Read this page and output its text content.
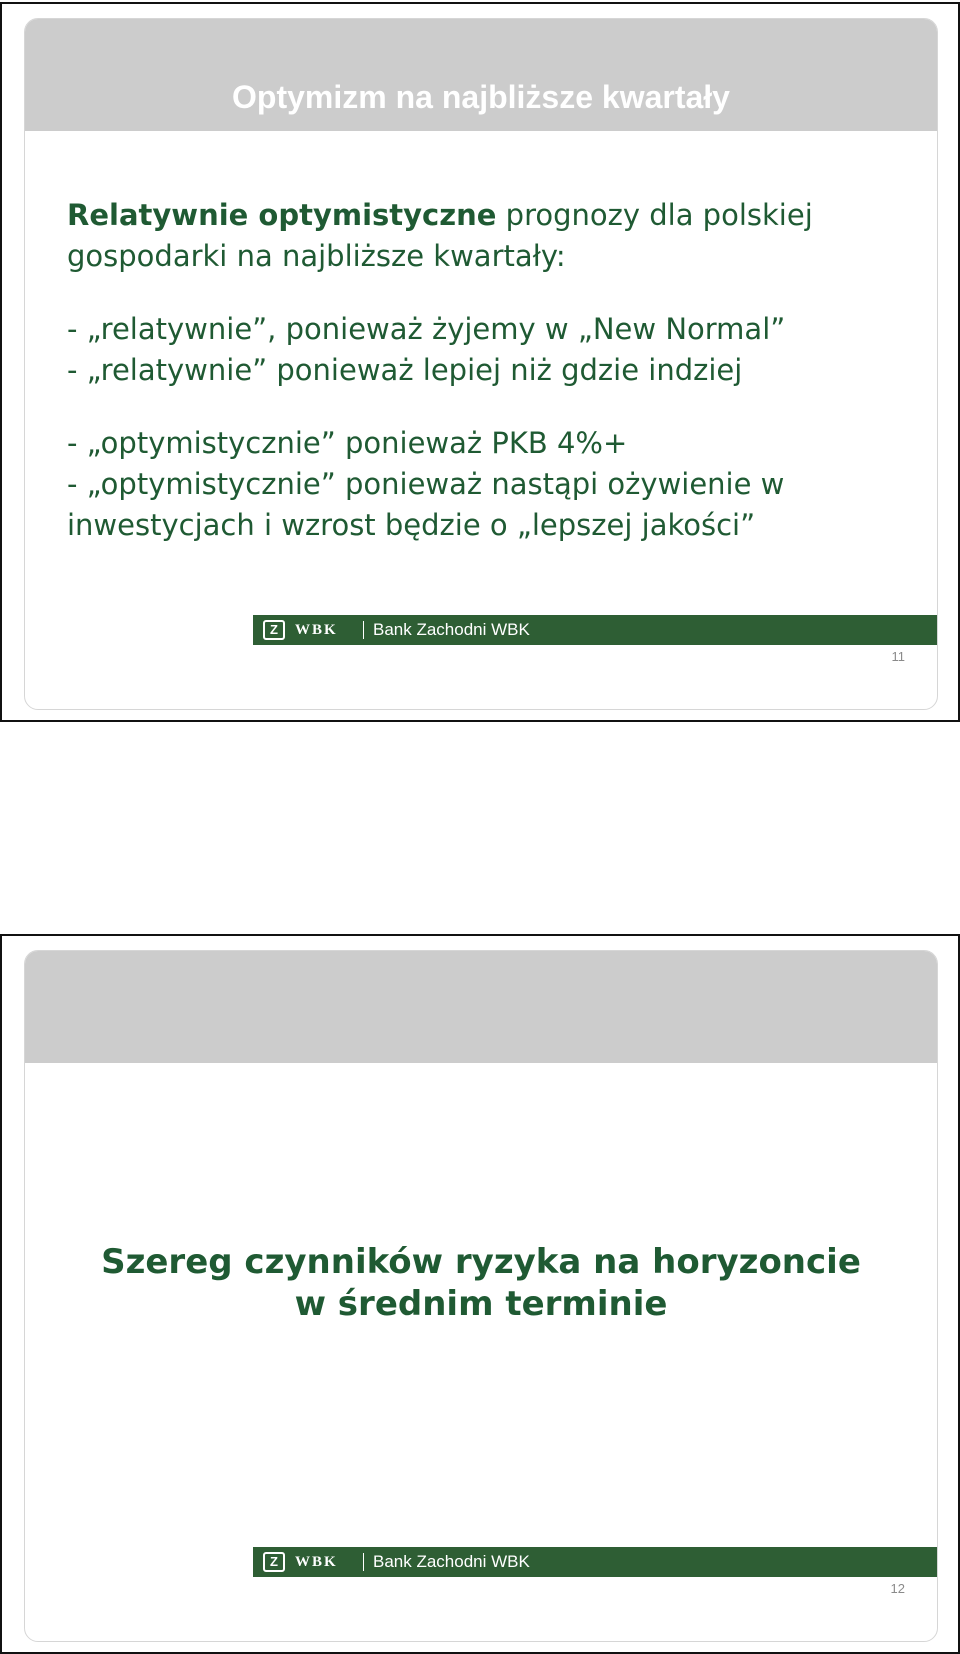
Optymizm na najbliższe kwartały
Relatywnie optymistyczne prognozy dla polskiej
gospodarki na najbliższe kwartały:
- „relatywnie”, ponieważ żyjemy w „New Normal”
- „relatywnie” ponieważ lepiej niż gdzie indziej
- „optymistycznie” ponieważ PKB 4%+
- „optymistycznie” ponieważ nastąpi ożywienie w
inwestycjach i wzrost będzie o „lepszej jakości”
Z	WBK Bank Zachodni WBK
11
Szereg czynników ryzyka na horyzoncie
w średnim terminie
Z	WBK Bank Zachodni WBK
12
